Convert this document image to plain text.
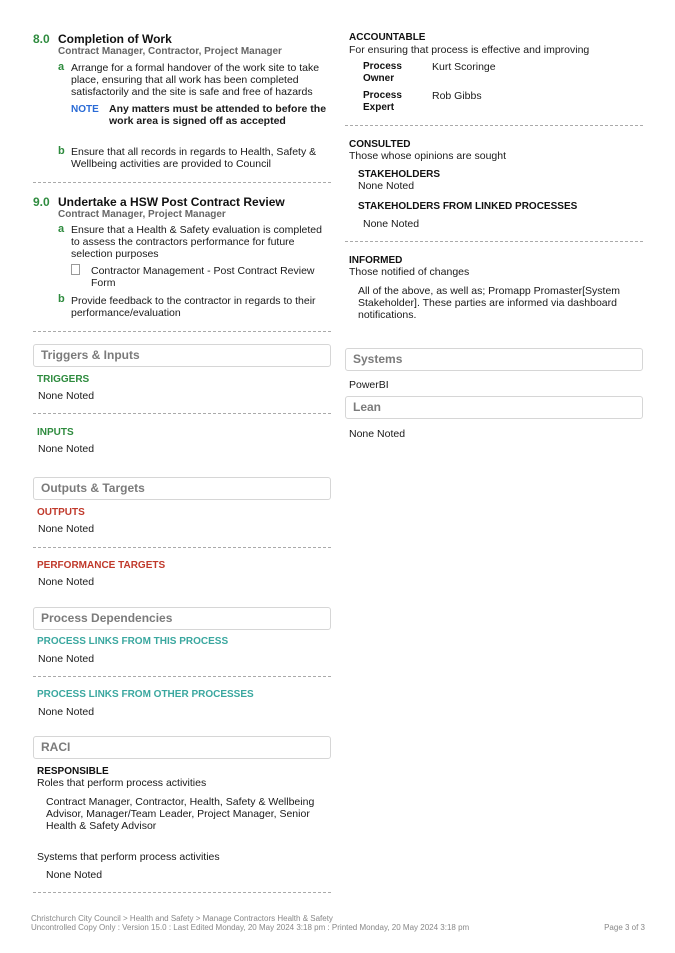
8.0 Completion of Work
Contract Manager, Contractor, Project Manager
a Arrange for a formal handover of the work site to take place, ensuring that all work has been completed satisfactorily and the site is safe and free of hazards
NOTE Any matters must be attended to before the work area is signed off as accepted
b Ensure that all records in regards to Health, Safety & Wellbeing activities are provided to Council
9.0 Undertake a HSW Post Contract Review
Contract Manager, Project Manager
a Ensure that a Health & Safety evaluation is completed to assess the contractors performance for future selection purposes
Contractor Management - Post Contract Review Form
b Provide feedback to the contractor in regards to their performance/evaluation
Triggers & Inputs
TRIGGERS
None Noted
INPUTS
None Noted
Outputs & Targets
OUTPUTS
None Noted
PERFORMANCE TARGETS
None Noted
Process Dependencies
PROCESS LINKS FROM THIS PROCESS
None Noted
PROCESS LINKS FROM OTHER PROCESSES
None Noted
RACI
RESPONSIBLE
Roles that perform process activities
Contract Manager, Contractor, Health, Safety & Wellbeing Advisor, Manager/Team Leader, Project Manager, Senior Health & Safety Advisor
Systems that perform process activities
None Noted
ACCOUNTABLE
For ensuring that process is effective and improving
Process Owner
Kurt Scoringe
Process Expert
Rob Gibbs
CONSULTED
Those whose opinions are sought
STAKEHOLDERS
None Noted
STAKEHOLDERS FROM LINKED PROCESSES
None Noted
INFORMED
Those notified of changes
All of the above, as well as; Promapp Promaster[System Stakeholder]. These parties are informed via dashboard notifications.
Systems
PowerBI
Lean
None Noted
Christchurch City Council > Health and Safety > Manage Contractors Health & Safety
Uncontrolled Copy Only : Version 15.0 : Last Edited Monday, 20 May 2024 3:18 pm : Printed Monday, 20 May 2024 3:18 pm	Page 3 of 3
